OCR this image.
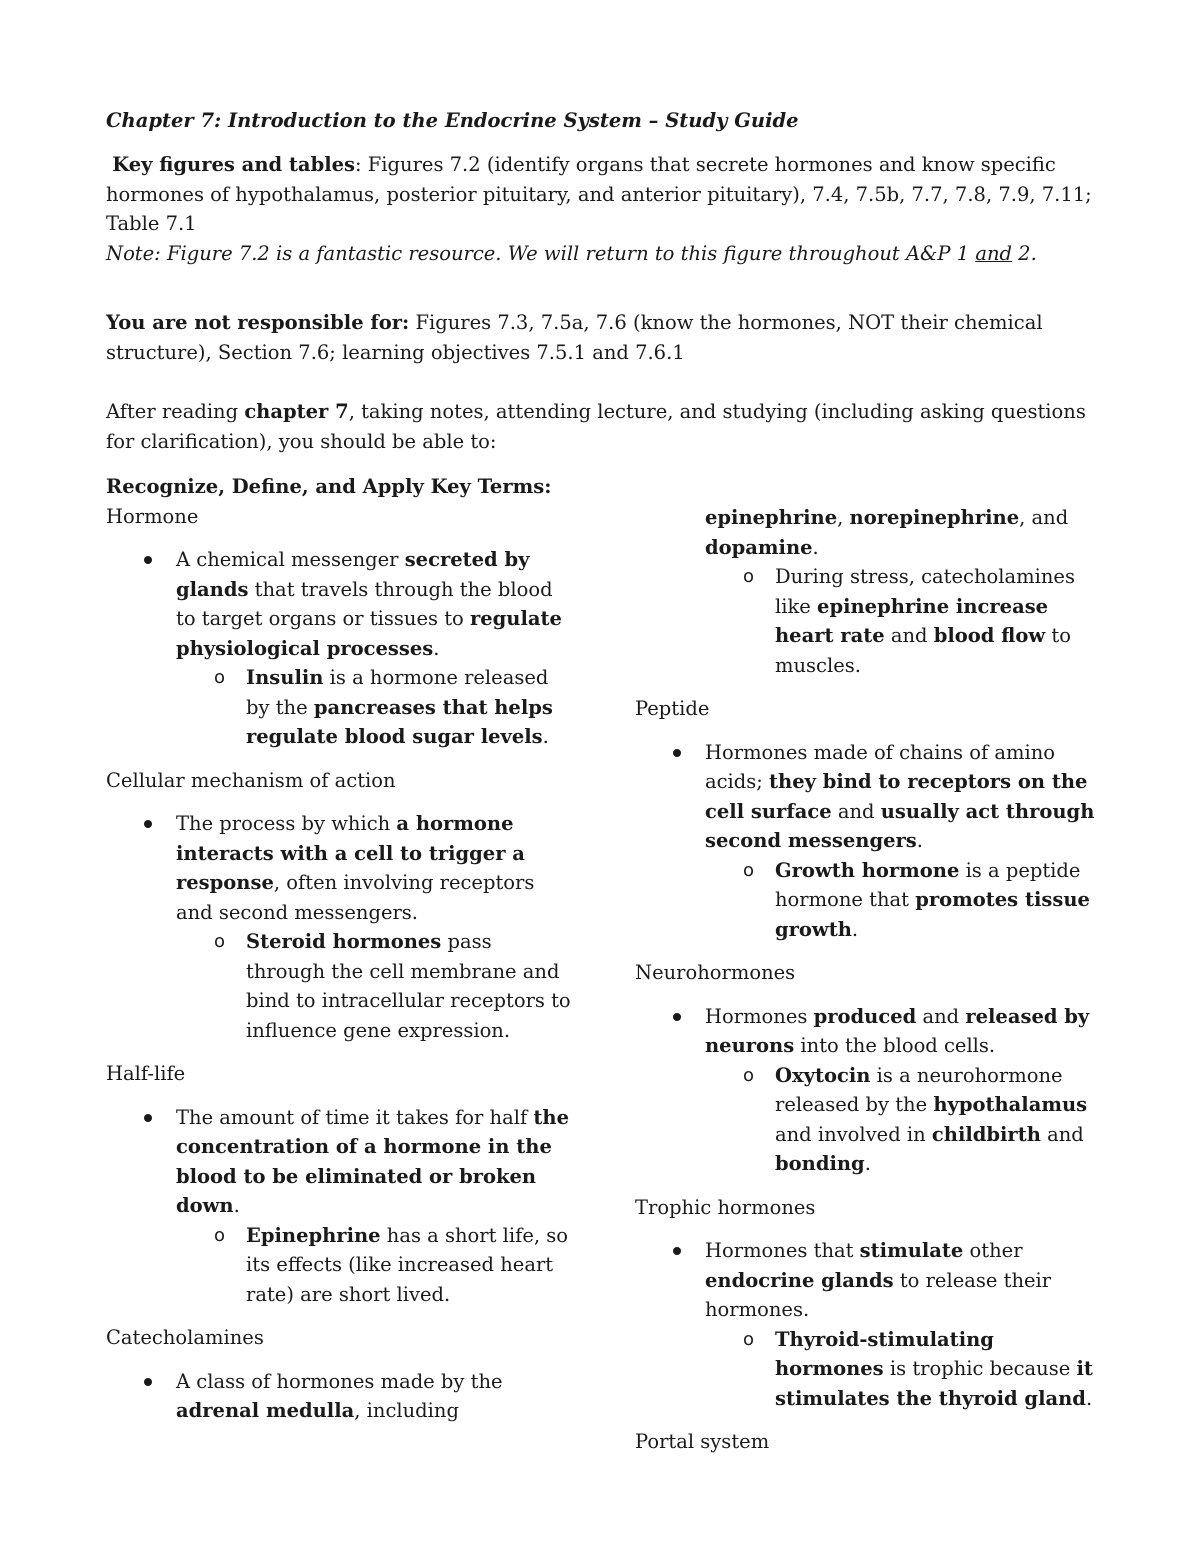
Chapter 7: Introduction to the Endocrine System – Study Guide
Key figures and tables: Figures 7.2 (identify organs that secrete hormones and know specific hormones of hypothalamus, posterior pituitary, and anterior pituitary), 7.4, 7.5b, 7.7, 7.8, 7.9, 7.11; Table 7.1
Note: Figure 7.2 is a fantastic resource. We will return to this figure throughout A&P 1 and 2.
You are not responsible for: Figures 7.3, 7.5a, 7.6 (know the hormones, NOT their chemical structure), Section 7.6; learning objectives 7.5.1 and 7.6.1
After reading chapter 7, taking notes, attending lecture, and studying (including asking questions for clarification), you should be able to:
Recognize, Define, and Apply Key Terms:
Hormone
A chemical messenger secreted by glands that travels through the blood to target organs or tissues to regulate physiological processes.
o Insulin is a hormone released by the pancreases that helps regulate blood sugar levels.
Cellular mechanism of action
The process by which a hormone interacts with a cell to trigger a response, often involving receptors and second messengers.
o Steroid hormones pass through the cell membrane and bind to intracellular receptors to influence gene expression.
Half-life
The amount of time it takes for half the concentration of a hormone in the blood to be eliminated or broken down.
o Epinephrine has a short life, so its effects (like increased heart rate) are short lived.
Catecholamines
A class of hormones made by the adrenal medulla, including
epinephrine, norepinephrine, and dopamine.
o During stress, catecholamines like epinephrine increase heart rate and blood flow to muscles.
Peptide
Hormones made of chains of amino acids; they bind to receptors on the cell surface and usually act through second messengers.
o Growth hormone is a peptide hormone that promotes tissue growth.
Neurohormones
Hormones produced and released by neurons into the blood cells.
o Oxytocin is a neurohormone released by the hypothalamus and involved in childbirth and bonding.
Trophic hormones
Hormones that stimulate other endocrine glands to release their hormones.
o Thyroid-stimulating hormones is trophic because it stimulates the thyroid gland.
Portal system
